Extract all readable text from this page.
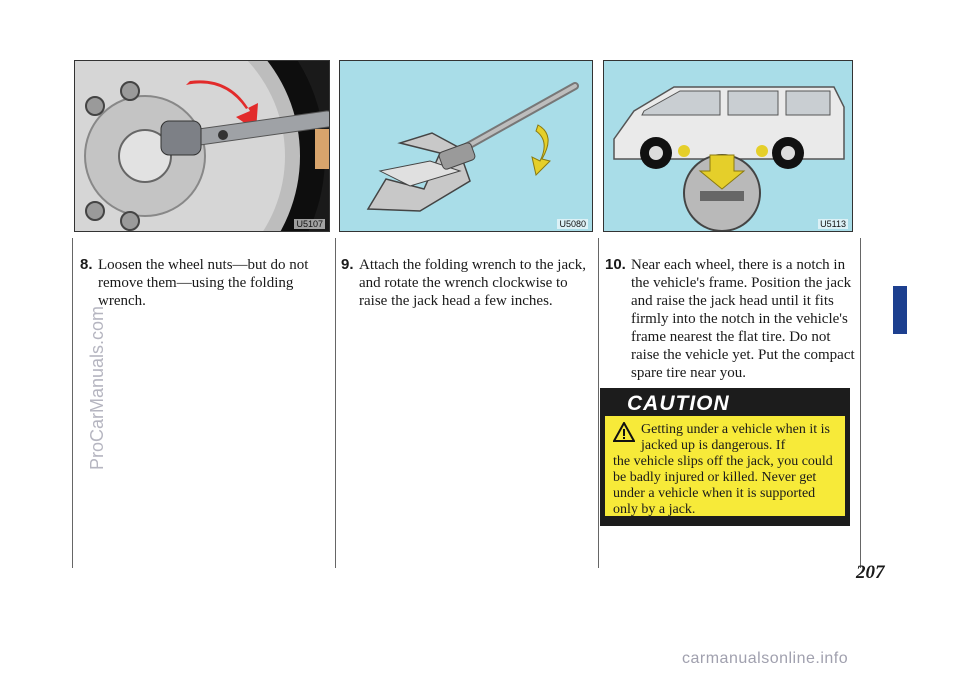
U5107	U5080	U5113
8. Loosen the wheel nuts—but do not remove them—using the folding wrench.
9. Attach the folding wrench to the jack, and rotate the wrench clockwise to raise the jack head a few inches.
10. Near each wheel, there is a notch in the vehicle's frame. Position the jack and raise the jack head until it fits firmly into the notch in the vehicle's frame nearest the flat tire. Do not raise the vehicle yet. Put the compact spare tire near you.
CAUTION
Getting under a vehicle when it is jacked up is dangerous. If
the vehicle slips off the jack, you could be badly injured or killed. Never get under a vehicle when it is supported only by a jack.
207
ProCarManuals.com
carmanualsonline.info
